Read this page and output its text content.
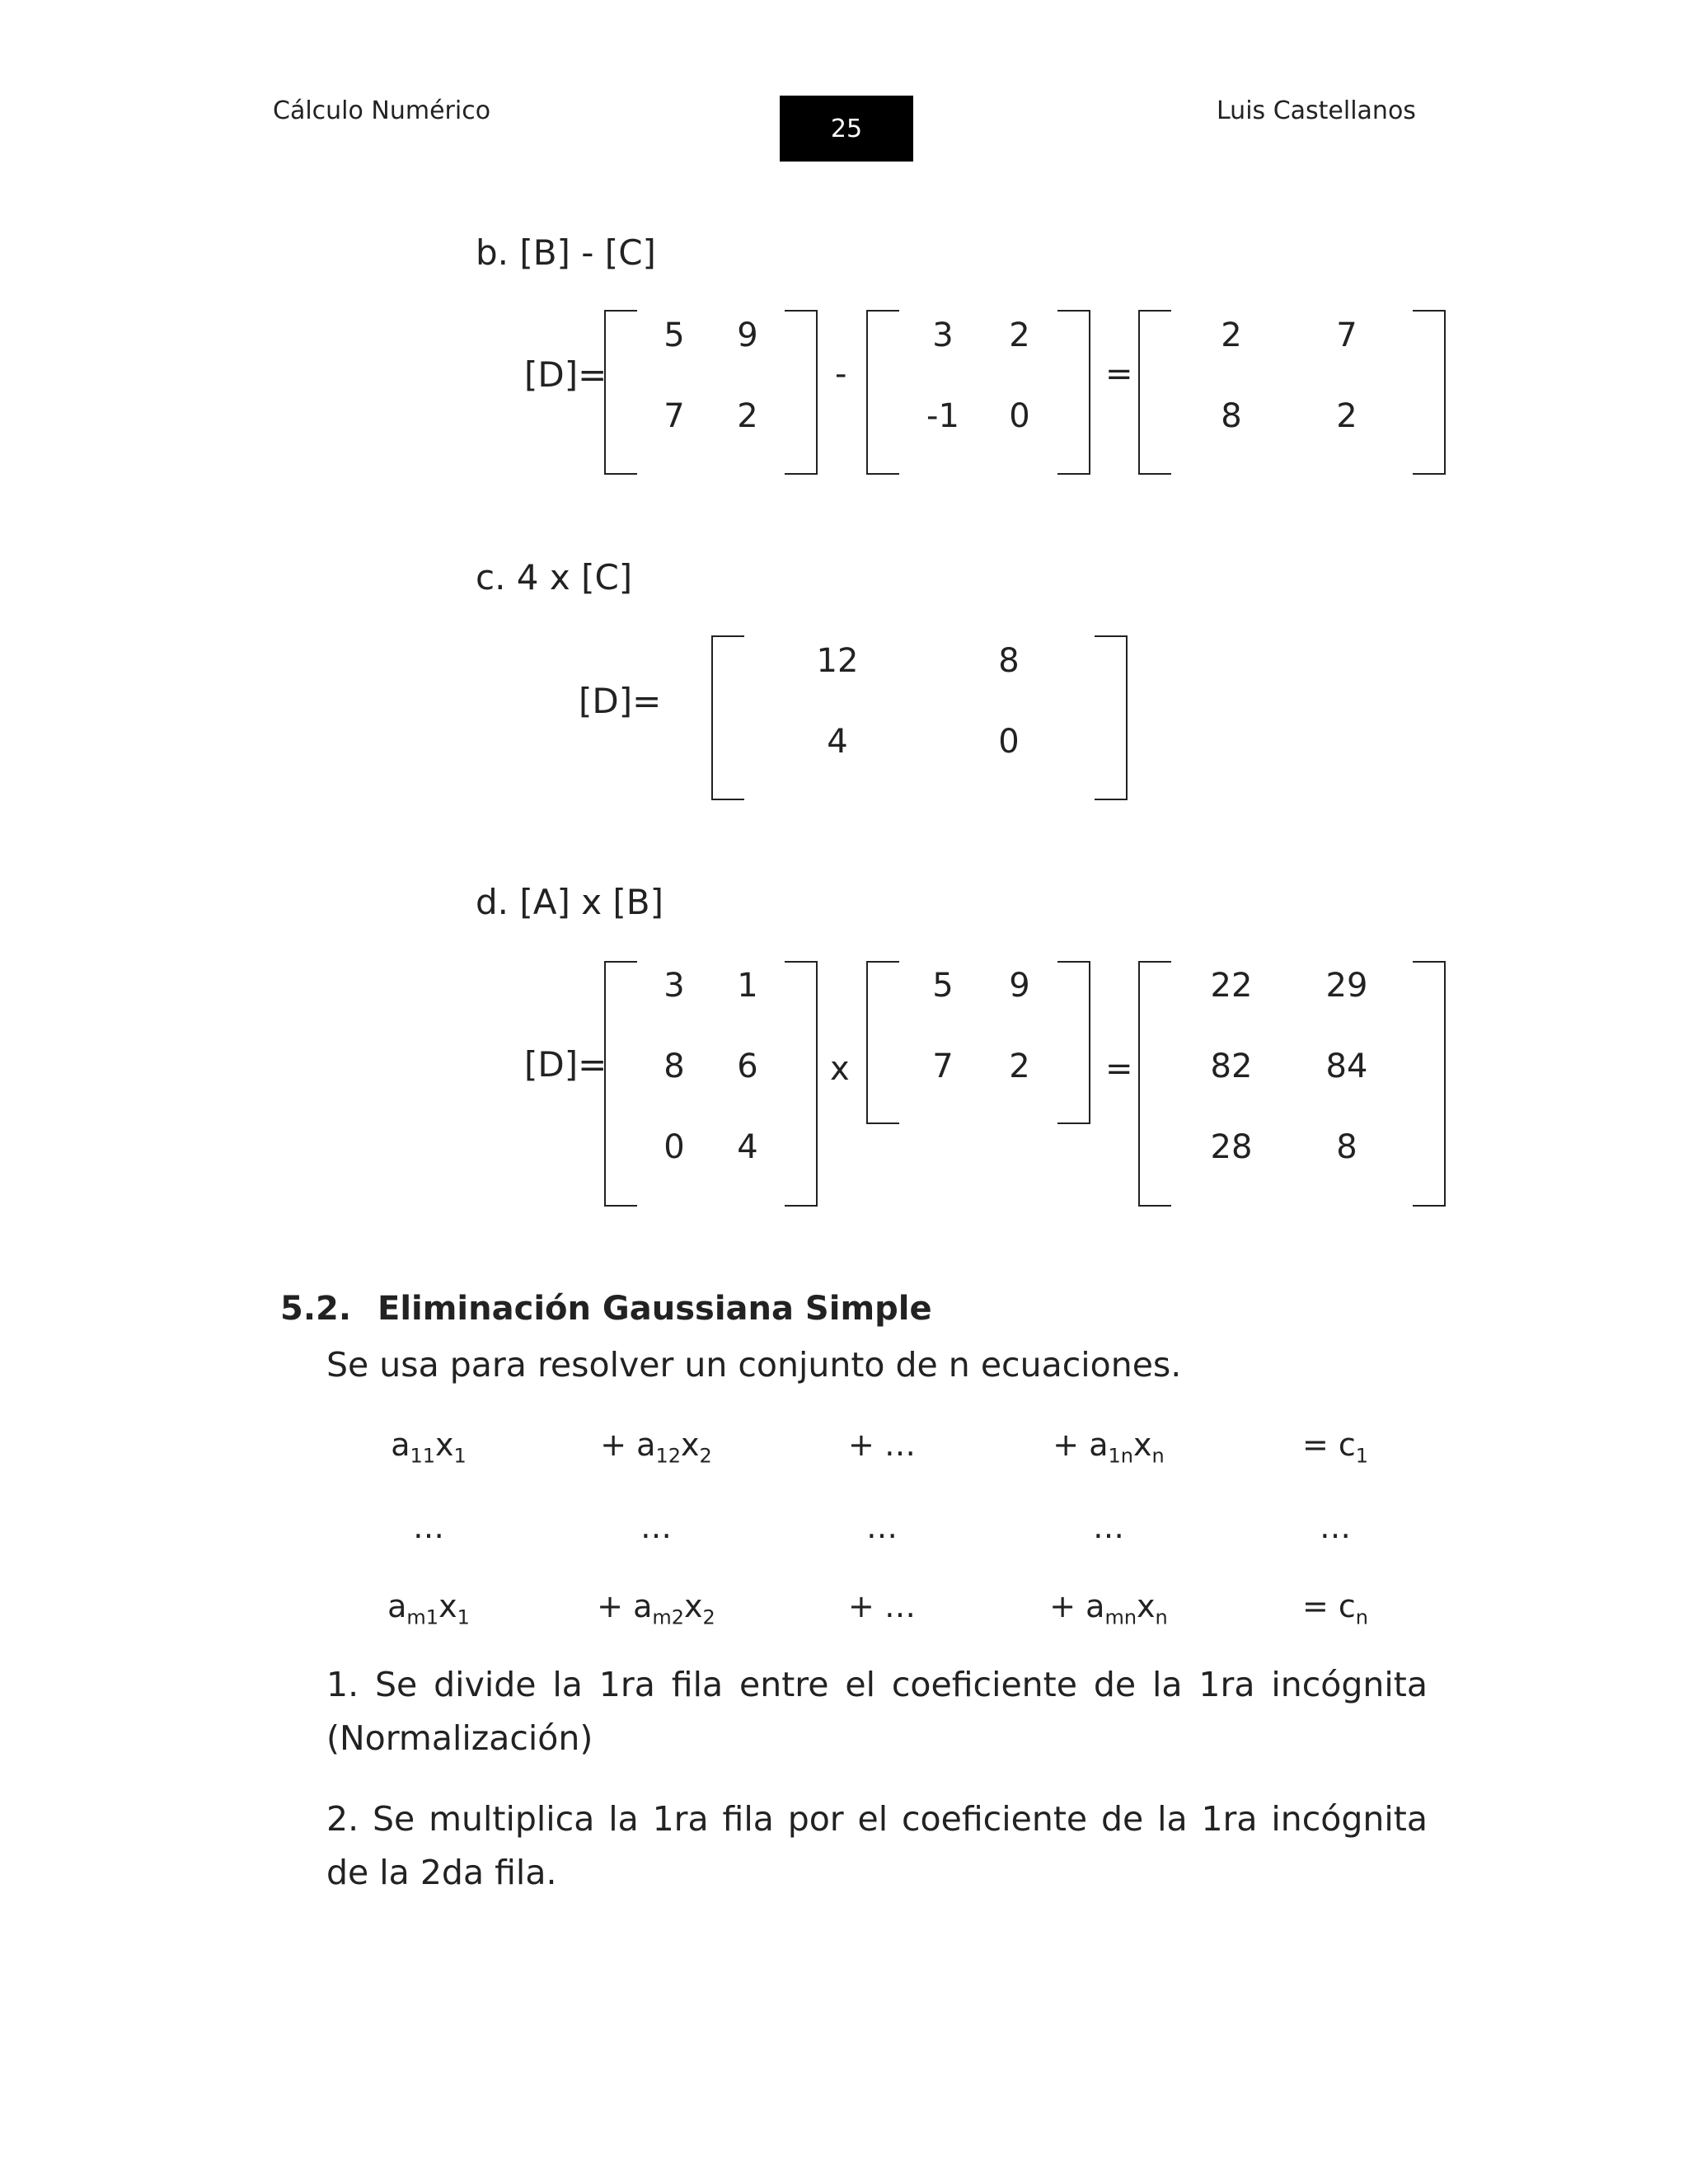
Cálculo Numérico
25
Luis Castellanos
b. [B] - [C]
[D]=
5	9
7	2
-
3	2
-1	0
=
2	7
8	2
c. 4 x [C]
[D]=
12	8
4	0
d. [A] x [B]
[D]=
3	1
8	6
0	4
x
5	9
7	2	=
22	29
82	84
28	8
5.2. Eliminación Gaussiana Simple
Se usa para resolver un conjunto de n ecuaciones.
$a_{11}x_1$	+ $a_{12}x_2$	+ …	+ $a_{1n}x_n$	= $c_1$
…	…	…	…	…
$a_{m1}x_1$	+ $a_{m2}x_2$	+ …	+ $a_{mn}x_n$	= $c_n$
1. Se divide la 1ra fila entre el coeficiente de la 1ra incógnita (Normalización)
2. Se multiplica la 1ra fila por el coeficiente de la 1ra incógnita de la 2da fila.
